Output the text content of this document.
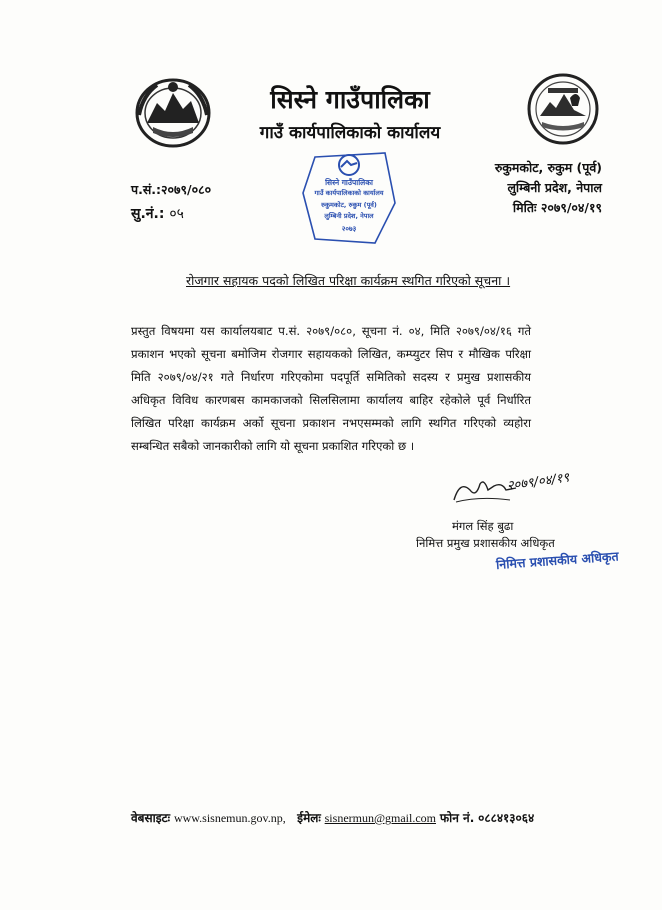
सिस्ने गाउँपालिका
गाउँ कार्यपालिकाको कार्यालय
प.सं.:२०७९/०८०
सु.नं.: ०५
सिस्ने गाउँपालिका
गाउँ कार्यपालिकाको कार्यालय
रुकुमकोट, रुकुम (पूर्व)
लुम्बिनी प्रदेश, नेपाल
२०७३
रुकुमकोट, रुकुम (पूर्व)
लुम्बिनी प्रदेश, नेपाल
मितिः २०७९/०४/१९
रोजगार सहायक पदको लिखित परिक्षा कार्यक्रम स्थगित गरिएको सूचना ।
प्रस्तुत विषयमा यस कार्यालयबाट प.सं. २०७९/०८०, सूचना नं. ०४, मिति २०७९/०४/१६ गते प्रकाशन भएको सूचना बमोजिम रोजगार सहायकको लिखित, कम्प्युटर सिप र मौखिक परिक्षा मिति २०७९/०४/२१ गते निर्धारण गरिएकोमा पदपूर्ति समितिको सदस्य र प्रमुख प्रशासकीय अधिकृत विविध कारणबस कामकाजको सिलसिलामा कार्यालय बाहिर रहेकोले पूर्व निर्धारित लिखित परिक्षा कार्यक्रम अर्को सूचना प्रकाशन नभएसम्मको लागि स्थगित गरिएको व्यहोरा सम्बन्धित सबैको जानकारीको लागि यो सूचना प्रकाशित गरिएको छ ।
२०७९/०४/१९
मंगल सिंह बुढा
निमित्त प्रमुख प्रशासकीय अधिकृत
निमित्त प्रशासकीय अधिकृत
वेबसाइटः www.sisnemun.gov.np, ईमेलः sisnermun@gmail.com फोन नं. ०८८४१३०६४
